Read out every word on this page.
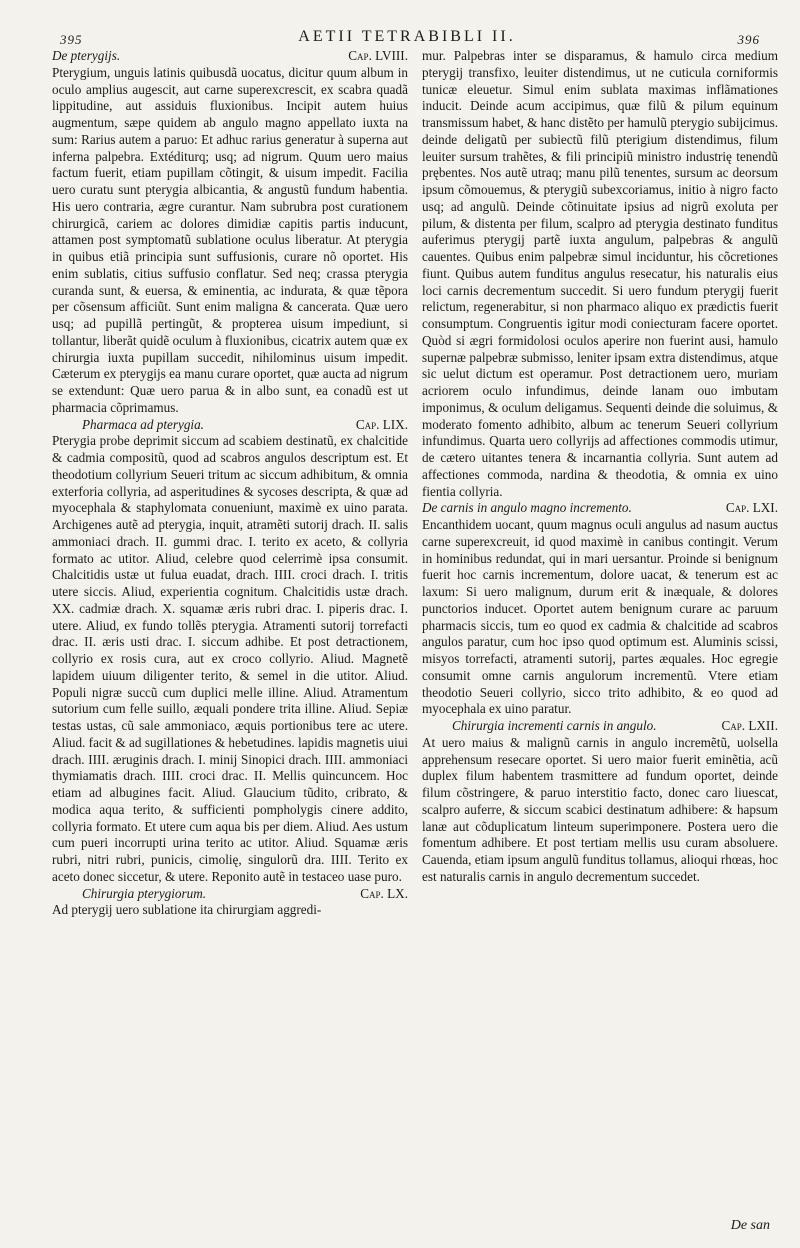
395	AETII TETRABIBLI II.	396
De pterygijs.	Cap. LVIII.

Pterygium, unguis latinis quibusdã uocatus, dicitur quum album in oculo amplius augescit, aut carne superexcrescit, ex scabra quadã lippitudine, aut assiduis fluxionibus. Incipit autem huius augmentum, sæpe quidem ab angulo magno appellato iuxta na sum: Rarius autem a paruo: Et adhuc rarius generatur à superna aut inferna palpebra. Extéditurq; usq; ad nigrum. Quum uero maius factum fuerit, etiam pupillam cõtingit, & uisum impedit. Facilia uero curatu sunt pterygia albicantia, & angustũ fundum habentia. His uero contraria, ægre curantur. Nam subrubra post curationem chirurgicã, cariem ac dolores dimidiæ capitis partis inducunt, attamen post symptomatũ sublatione oculus liberatur. At pterygia in quibus etiã principia sunt suffusionis, curare nõ oportet. His enim sublatis, citius suffusio conflatur. Sed neq; crassa pterygia curanda sunt, & euersa, & eminentia, ac indurata, & quæ tẽpora per cõsensum afficiũt. Sunt enim maligna & cancerata. Quæ uero usq; ad pupillã pertingũt, & propterea uisum impediunt, si tollantur, liberãt quidẽ oculum à fluxionibus, cicatrix autem quæ ex chirurgia iuxta pupillam succedit, nihilominus uisum impedit. Cæterum ex pterygijs ea manu curare oportet, quæ aucta ad nigrum se extendunt: Quæ uero parua & in albo sunt, ea conadũ est ut pharmacia cõprimamus.

Pharmaca ad pterygia.	Cap. LIX.

Pterygia probe deprimit siccum ad scabiem destinatũ, ex chalcitide & cadmia compositũ, quod ad scabros angulos descriptum est. Et theodotium collyrium Seueri tritum ac siccum adhibitum, & omnia exterforia collyria, ad asperitudines & sycoses descripta, & quæ ad myocephala & staphylomata conueniunt, maximè ex uino parata. Archigenes autẽ ad pterygia, inquit, atramẽti sutorij drach. II. salis ammoniaci drach. II. gummi drac. I. terito ex aceto, & collyria formato ac utitor. Aliud, celebre quod celerrimè ipsa consumit. Chalcitidis ustæ ut fulua euadat, drach. IIII. croci drach. I. tritis utere siccis. Aliud, experientia cognitum. Chalcitidis ustæ drach. XX. cadmiæ drach. X. squamæ æris rubri drac. I. piperis drac. I. utere. Aliud, ex fundo tollẽs pterygia. Atramenti sutorij torrefacti drac. II. æris usti drac. I. siccum adhibe. Et post detractionem, collyrio ex rosis cura, aut ex croco collyrio. Aliud. Magnetẽ lapidem uiuum diligenter terito, & semel in die utitor. Aliud. Populi nigræ succũ cum duplici melle illine. Aliud. Atramentum sutorium cum felle suillo, æquali pondere trita illine. Aliud. Sepiæ testas ustas, cũ sale ammoniaco, æquis portionibus tere ac utere. Aliud. facit & ad sugillationes & hebetudines. lapidis magnetis uiui drach. IIII. æruginis drach. I. minij Sinopici drach. IIII. ammoniaci thymiamatis drach. IIII. croci drac. II. Mellis quincuncem. Hoc etiam ad albugines facit. Aliud. Glaucium tũdito, cribrato, & modica aqua terito, & sufficienti pompholygis cinere addito, collyria formato. Et utere cum aqua bis per diem. Aliud. Aes ustum cum pueri incorrupti urina terito ac utitor. Aliud. Squamæ æris rubri, nitri rubri, punicis, cimolię, singulorũ dra. IIII. Terito ex aceto donec siccetur, & utere. Reponito autẽ in testaceo uase puro.

Chirurgia pterygiorum.	Cap. LX.

Ad pterygij uero sublatione ita chirurgiam aggredi-

mur. Palpebras inter se disparamus, & hamulo circa medium pterygij transfixo, leuiter distendimus, ut ne cuticula corniformis tunicæ eleuetur. Simul enim sublata maximas inflãmationes inducit. Deinde acum accipimus, quæ filũ & pilum equinum transmissum habet, & hanc distẽto per hamulũ pterygio subijcimus. deinde deligatũ per subiectũ filũ pterigium distendimus, filum leuiter sursum trahẽtes, & fili principiũ ministro industrię tenendũ prębentes. Nos autẽ utraq; manu pilũ tenentes, sursum ac deorsum ipsum cõmouemus, & pterygiũ subexcoriamus, initio à nigro facto usq; ad angulũ. Deinde cõtinuitate ipsius ad nigrũ exoluta per pilum, & distenta per filum, scalpro ad pterygia destinato funditus auferimus pterygij partẽ iuxta angulum, palpebras & angulũ cauentes. Quibus enim palpebræ simul inciduntur, his cõcretiones fiunt. Quibus autem funditus angulus resecatur, his naturalis eius loci carnis decrementum succedit. Si uero fundum pterygij fuerit relictum, regenerabitur, si non pharmaco aliquo ex prædictis fuerit consumptum. Congruentis igitur modi coniecturam facere oportet. Quòd si ægri formidolosi oculos aperire non fuerint ausi, hamulo supernæ palpebræ submisso, leniter ipsam extra distendimus, atque sic uelut dictum est operamur. Post detractionem uero, muriam acriorem oculo infundimus, deinde lanam ouo imbutam imponimus, & oculum deligamus. Sequenti deinde die soluimus, & moderato fomento adhibito, album ac tenerum Seueri collyrium infundimus. Quarta uero collyrijs ad affectiones commodis utimur, de cætero uitantes tenera & incarnantia collyria. Sunt autem ad affectiones commoda, nardina & theodotia, & omnia ex uino fientia collyria.

De carnis in angulo magno incremento.	Cap. LXI.

Encanthidem uocant, quum magnus oculi angulus ad nasum auctus carne superexcreuit, id quod maximè in canibus contingit. Verum in hominibus redundat, qui in mari uersantur. Proinde si benignum fuerit hoc carnis incrementum, dolore uacat, & tenerum est ac laxum: Si uero malignum, durum erit & inæquale, & dolores punctorios inducet. Oportet autem benignum curare ac paruum pharmacis siccis, tum eo quod ex cadmia & chalcitide ad scabros angulos paratur, cum hoc ipso quod optimum est. Aluminis scissi, misyos torrefacti, atramenti sutorij, partes æquales. Hoc egregie consumit omne carnis angulorum incrementũ. Vtere etiam theodotio Seueri collyrio, sicco trito adhibito, & eo quod ad myocephala ex uino paratur.

Chirurgia incrementi carnis in angulo.	Cap. LXII.

At uero maius & malignũ carnis in angulo incremẽtũ, uolsella apprehensum resecare oportet. Si uero maior fuerit eminẽtia, acũ duplex filum habentem trasmittere ad fundum oportet, deinde filum cõstringere, & paruo interstitio facto, donec caro liuescat, scalpro auferre, & siccum scabici destinatum adhibere: & hapsum lanæ aut cõduplicatum linteum superimponere. Postera uero die fomentum adhibere. Et post tertiam mellis usu curam absoluere. Cauenda, etiam ipsum angulũ funditus tollamus, alioqui rhœas, hoc est naturalis carnis in angulo decrementum succedet.

De san
